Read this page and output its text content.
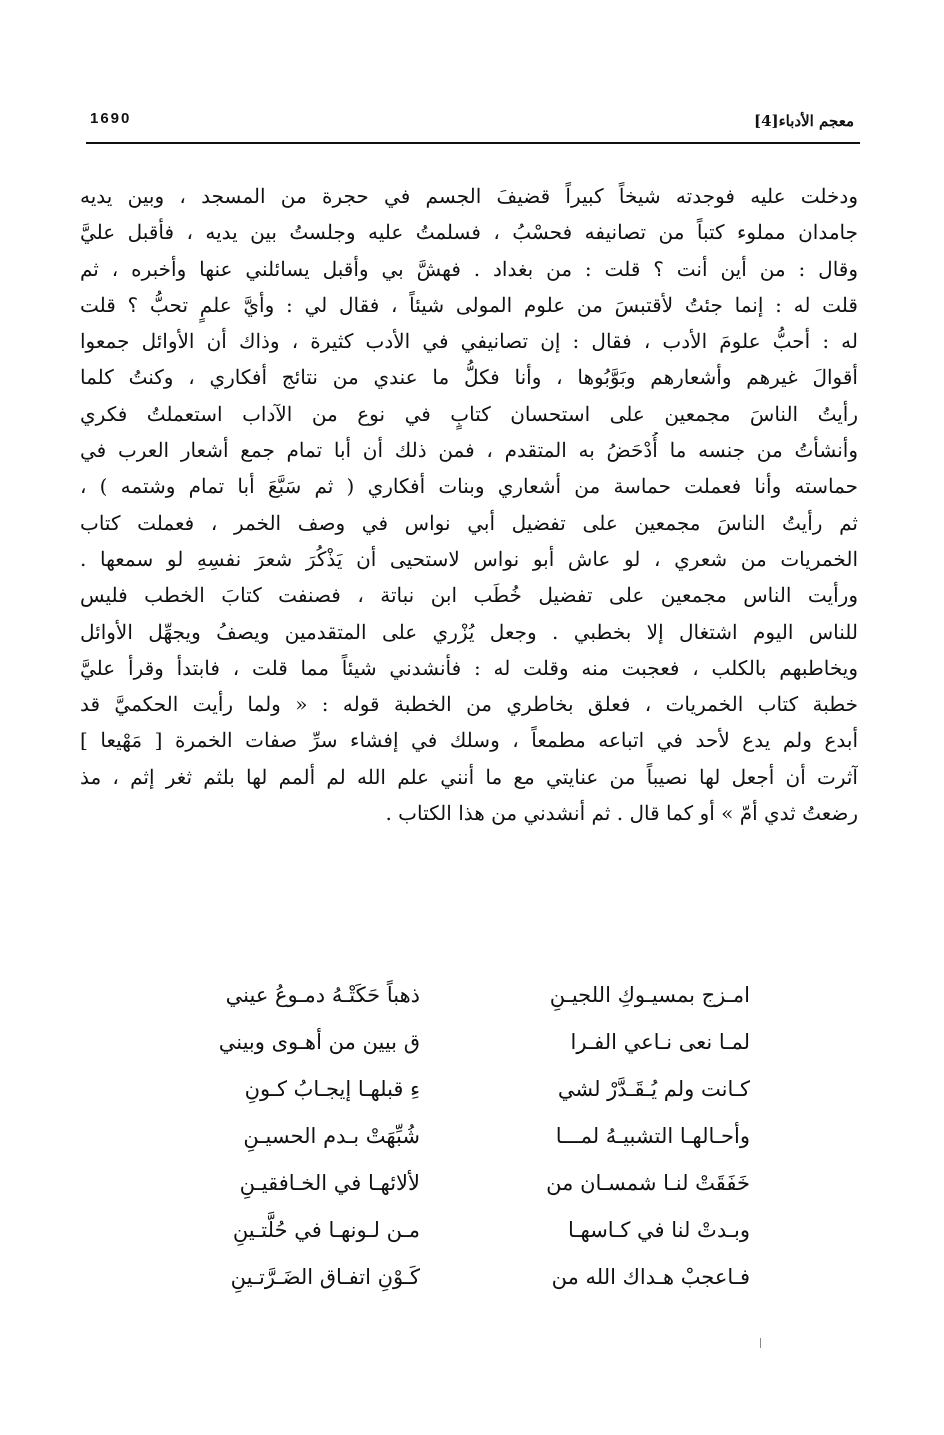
معجم الأدباء[4]
1690
ودخلت عليه فوجدته شيخاً كبيراً قضيفَ الجسم في حجرة من المسجد ، وبين يديه
جامدان مملوء كتباً من تصانيفه فحسْبُ ، فسلمتُ عليه وجلستُ بين يديه ، فأقبل عليَّ
وقال : من أين أنت ؟ قلت : من بغداد . فهشَّ بي وأقبل يسائلني عنها وأخبره ، ثم
قلت له : إنما جئتُ لأقتبسَ من علوم المولى شيئاً ، فقال لي : وأيَّ علمٍ تحبُّ ؟ قلت
له : أحبُّ علومَ الأدب ، فقال : إن تصانيفي في الأدب كثيرة ، وذاك أن الأوائل جمعوا
أقوالَ غيرهم وأشعارهم وبَوَّبُوها ، وأنا فكلُّ ما عندي من نتائج أفكاري ، وكنتُ كلما
رأيتُ الناسَ مجمعين على استحسان كتابٍ في نوع من الآداب استعملتُ فكري
وأنشأتُ من جنسه ما أُدْحَضُ به المتقدم ، فمن ذلك أن أبا تمام جمع أشعار العرب في
حماسته وأنا فعملت حماسة من أشعاري وبنات أفكاري ( ثم سَبَّعَ أبا تمام وشتمه ) ،
ثم رأيتُ الناسَ مجمعين على تفضيل أبي نواس في وصف الخمر ، فعملت كتاب
الخمريات من شعري ، لو عاش أبو نواس لاستحيى أن يَذْكُرَ شعرَ نفسِهِ لو سمعها .
ورأيت الناس مجمعين على تفضيل خُطَب ابن نباتة ، فصنفت كتابَ الخطب فليس
للناس اليوم اشتغال إلا بخطبي . وجعل يُزْري على المتقدمين ويصفُ ويجهِّل الأوائل
ويخاطبهم بالكلب ، فعجبت منه وقلت له : فأنشدني شيئاً مما قلت ، فابتدأ وقرأ عليَّ
خطبة كتاب الخمريات ، فعلق بخاطري من الخطبة قوله : « ولما رأيت الحكميَّ قد
أبدع ولم يدع لأحد في اتباعه مطمعاً ، وسلك في إفشاء سرِّ صفات الخمرة [ مَهْيعا ]
آثرت أن أجعل لها نصيباً من عنايتي مع ما أنني علم الله لم ألمم لها بلثم ثغر إثم ، مذ
رضعتُ ثدي أمّ » أو كما قال . ثم أنشدني من هذا الكتاب .
امـزج بمسيـوكِ اللجيـنِ
ذهباً حَكَتْـهُ دمـوعُ عيني
لمـا نعى نـاعي الفـرا
ق بيين من أهـوى وبيني
كـانت ولم يُـقَـدَّرْ لشي
ءِ قبلهـا إيجـابُ كـونِ
وأحـالهـا التشبيـهُ لمـــا
شُبِّهَتْ بـدم الحسيـنِ
خَفَقَتْ لنـا شمسـان من
لألائهـا في الخـافقيـنِ
وبـدتْ لنا في كـاسهـا
مـن لـونهـا في حُلَّتـينِ
فـاعجبْ هـداك الله من
كَـوْنِ اتفـاق الضَـرَّتـينِ
